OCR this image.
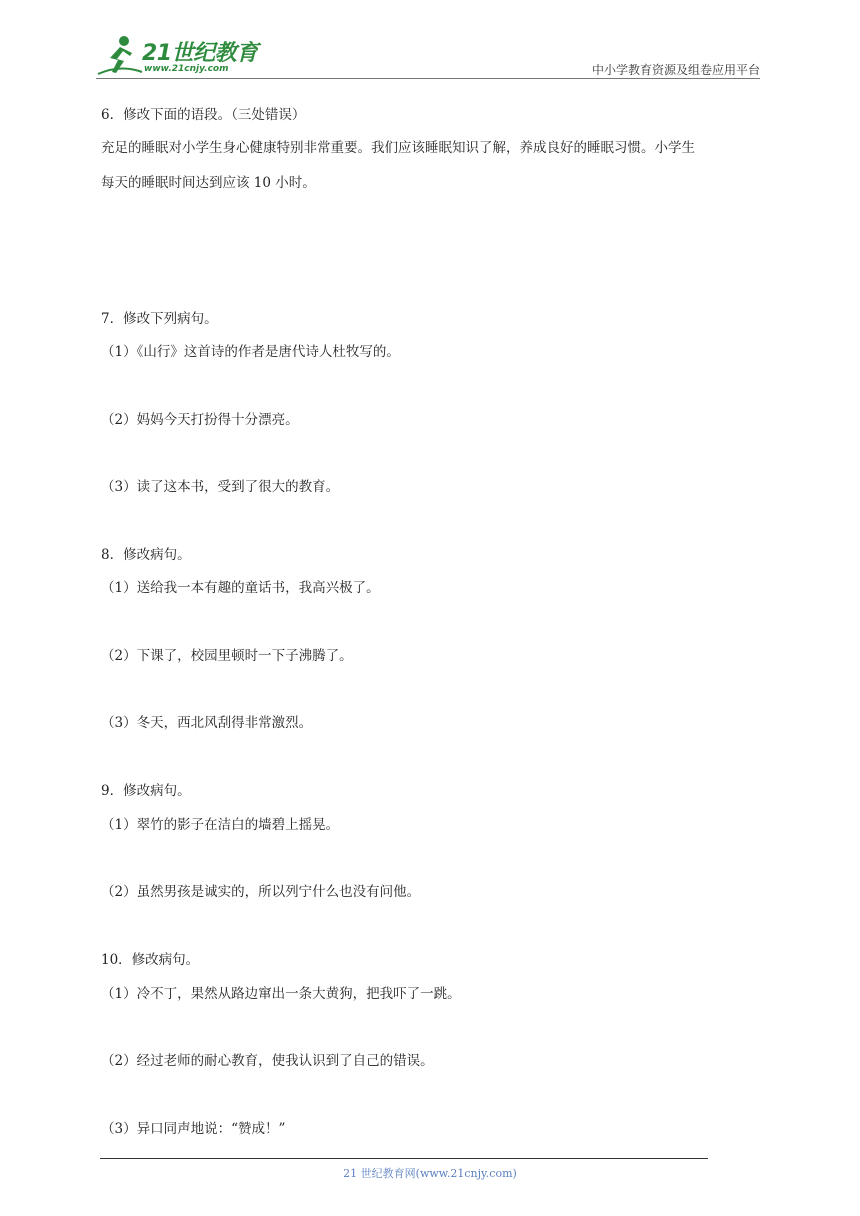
21世纪教育
www.21cnjy.com	中小学教育资源及组卷应用平台
6．修改下面的语段。（三处错误）
充足的睡眠对小学生身心健康特别非常重要。我们应该睡眠知识了解，养成良好的睡眠习惯。小学生
每天的睡眠时间达到应该 10 小时。
7．修改下列病句。
（1）《山行》这首诗的作者是唐代诗人杜牧写的。
（2）妈妈今天打扮得十分漂亮。
（3）读了这本书，受到了很大的教育。
8．修改病句。
（1）送给我一本有趣的童话书，我高兴极了。
（2）下课了，校园里顿时一下子沸腾了。
（3）冬天，西北风刮得非常激烈。
9．修改病句。
（1）翠竹的影子在洁白的墙碧上摇晃。
（2）虽然男孩是诚实的，所以列宁什么也没有问他。
10．修改病句。
（1）冷不丁，果然从路边窜出一条大黄狗，把我吓了一跳。
（2）经过老师的耐心教育，使我认识到了自己的错误。
（3）异口同声地说：“赞成！”
21 世纪教育网(www.21cnjy.com)
